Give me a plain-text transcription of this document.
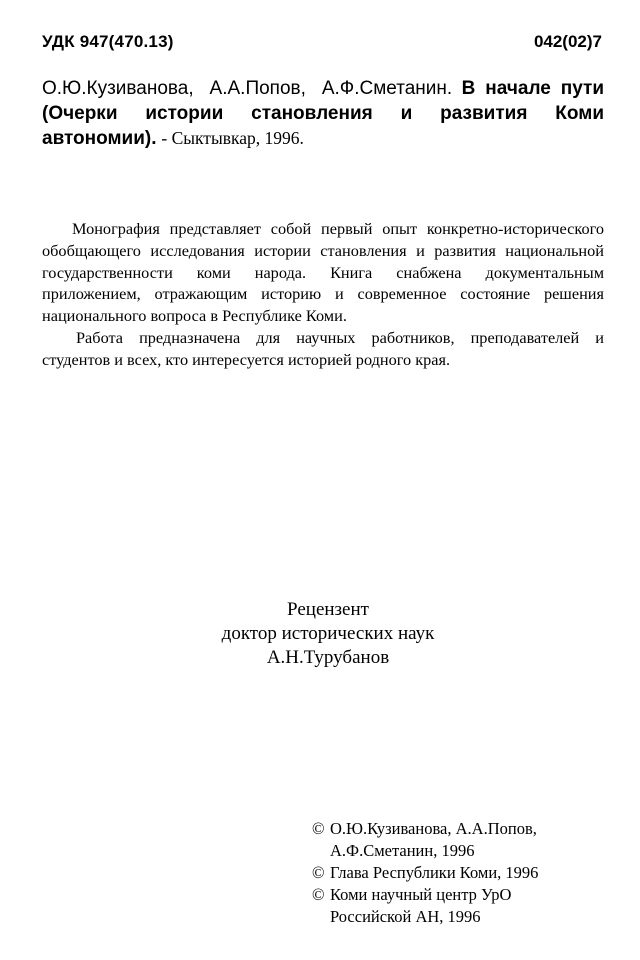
УДК 947(470.13)	042(02)7
О.Ю.Кузиванова, А.А.Попов, А.Ф.Сметанин. В начале пути (Очерки истории становления и развития Коми автономии). - Сыктывкар, 1996.

Монография представляет собой первый опыт конкретно-исторического обобщающего исследования истории становления и развития национальной государственности коми народа. Книга снабжена документальным приложением, отражающим историю и современное состояние решения национального вопроса в Республике Коми.

Работа предназначена для научных работников, преподавателей и студентов и всех, кто интересуется историей родного края.

Рецензент
доктор исторических наук
А.Н.Турубанов
© О.Ю.Кузиванова, А.А.Попов,
А.Ф.Сметанин, 1996
© Глава Республики Коми, 1996
© Коми научный центр УрО
Российской АН, 1996
